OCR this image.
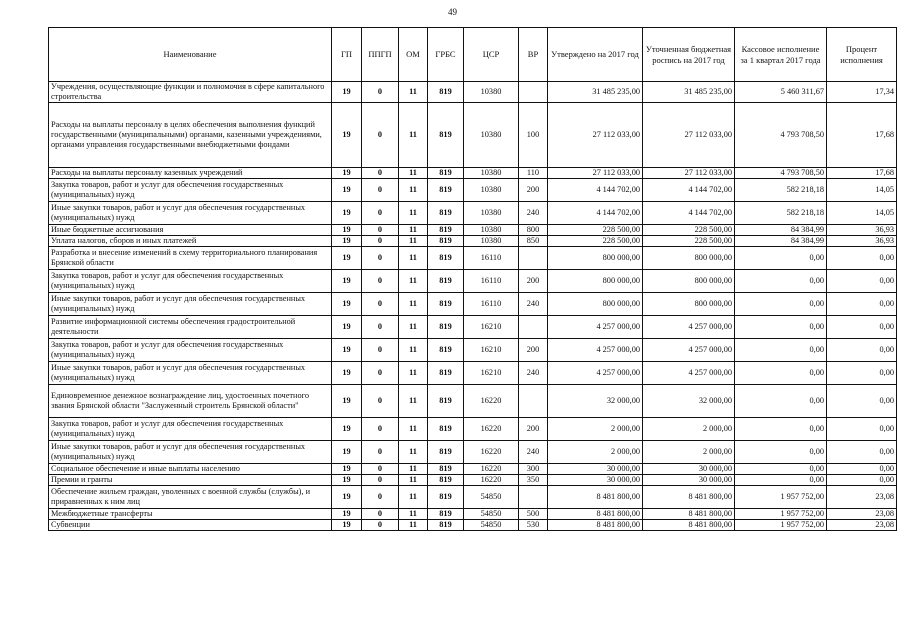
49
Наименование	ГП	ППГП	ОМ	ГРБС	ЦСР	ВР	Утверждено на 2017 год	Уточненная бюджетная роспись на 2017 год	Кассовое исполнение за 1 квартал 2017 года	Процент исполнения
Учреждения, осуществляющие функции и полномочия в сфере капитального строительства	19	0	11	819	10380		31 485 235,00	31 485 235,00	5 460 311,67	17,34
Расходы на выплаты персоналу в целях обеспечения выполнения функций государственными (муниципальными) органами, казенными учреждениями, органами управления государственными внебюджетными фондами	19	0	11	819	10380	100	27 112 033,00	27 112 033,00	4 793 708,50	17,68
Расходы на выплаты персоналу казенных учреждений	19	0	11	819	10380	110	27 112 033,00	27 112 033,00	4 793 708,50	17,68
Закупка товаров, работ и услуг для обеспечения государственных (муниципальных) нужд	19	0	11	819	10380	200	4 144 702,00	4 144 702,00	582 218,18	14,05
Иные закупки товаров, работ и услуг для обеспечения государственных (муниципальных) нужд	19	0	11	819	10380	240	4 144 702,00	4 144 702,00	582 218,18	14,05
Иные бюджетные ассигнования	19	0	11	819	10380	800	228 500,00	228 500,00	84 384,99	36,93
Уплата налогов, сборов и иных платежей	19	0	11	819	10380	850	228 500,00	228 500,00	84 384,99	36,93
Разработка и внесение изменений в схему территориального планирования Брянской области	19	0	11	819	16110		800 000,00	800 000,00	0,00	0,00
Закупка товаров, работ и услуг для обеспечения государственных (муниципальных) нужд	19	0	11	819	16110	200	800 000,00	800 000,00	0,00	0,00
Иные закупки товаров, работ и услуг для обеспечения государственных (муниципальных) нужд	19	0	11	819	16110	240	800 000,00	800 000,00	0,00	0,00
Развитие информационной системы обеспечения градостроительной деятельности	19	0	11	819	16210		4 257 000,00	4 257 000,00	0,00	0,00
Закупка товаров, работ и услуг для обеспечения государственных (муниципальных) нужд	19	0	11	819	16210	200	4 257 000,00	4 257 000,00	0,00	0,00
Иные закупки товаров, работ и услуг для обеспечения государственных (муниципальных) нужд	19	0	11	819	16210	240	4 257 000,00	4 257 000,00	0,00	0,00
Единовременное денежное вознаграждение лиц, удостоенных почетного звания Брянской области "Заслуженный строитель Брянской области"	19	0	11	819	16220		32 000,00	32 000,00	0,00	0,00
Закупка товаров, работ и услуг для обеспечения государственных (муниципальных) нужд	19	0	11	819	16220	200	2 000,00	2 000,00	0,00	0,00
Иные закупки товаров, работ и услуг для обеспечения государственных (муниципальных) нужд	19	0	11	819	16220	240	2 000,00	2 000,00	0,00	0,00
Социальное обеспечение и иные выплаты населению	19	0	11	819	16220	300	30 000,00	30 000,00	0,00	0,00
Премии и гранты	19	0	11	819	16220	350	30 000,00	30 000,00	0,00	0,00
Обеспечение жильем граждан, уволенных с военной службы (службы), и приравненных к ним лиц	19	0	11	819	54850		8 481 800,00	8 481 800,00	1 957 752,00	23,08
Межбюджетные трансферты	19	0	11	819	54850	500	8 481 800,00	8 481 800,00	1 957 752,00	23,08
Субвенции	19	0	11	819	54850	530	8 481 800,00	8 481 800,00	1 957 752,00	23,08
